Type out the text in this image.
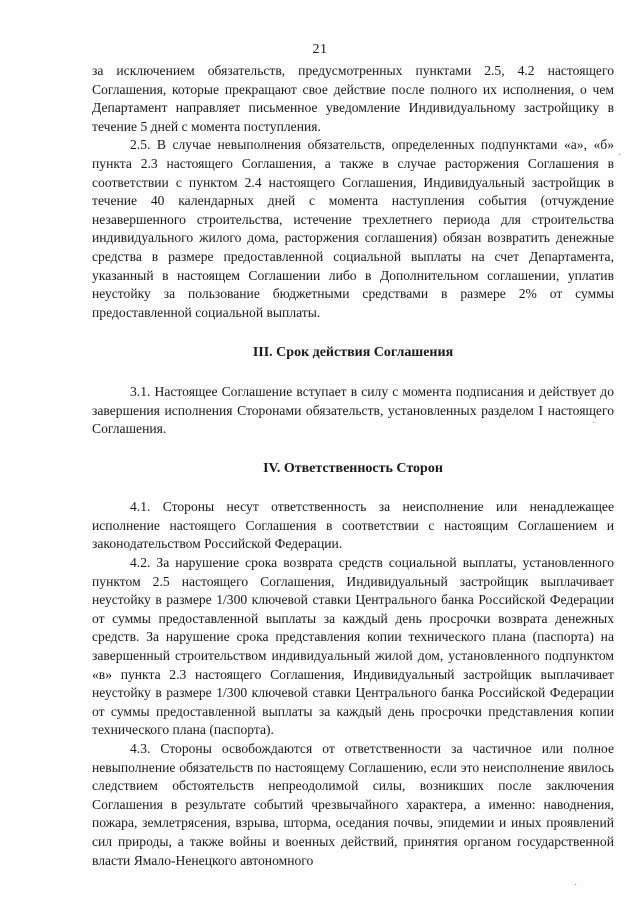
21

за исключением обязательств, предусмотренных пунктами 2.5, 4.2 настоящего Соглашения, которые прекращают свое действие после полного их исполнения, о чем Департамент направляет письменное уведомление Индивидуальному застройщику в течение 5 дней с момента поступления.

2.5. В случае невыполнения обязательств, определенных подпунктами «а», «б» пункта 2.3 настоящего Соглашения, а также в случае расторжения Соглашения в соответствии с пунктом 2.4 настоящего Соглашения, Индивидуальный застройщик в течение 40 календарных дней с момента наступления события (отчуждение незавершенного строительства, истечение трехлетнего периода для строительства индивидуального жилого дома, расторжения соглашения) обязан возвратить денежные средства в размере предоставленной социальной выплаты на счет Департамента, указанный в настоящем Соглашении либо в Дополнительном соглашении, уплатив неустойку за пользование бюджетными средствами в размере 2% от суммы предоставленной социальной выплаты.

III. Срок действия Соглашения

3.1. Настоящее Соглашение вступает в силу с момента подписания и действует до завершения исполнения Сторонами обязательств, установленных разделом I настоящего Соглашения.

IV. Ответственность Сторон

4.1. Стороны несут ответственность за неисполнение или ненадлежащее исполнение настоящего Соглашения в соответствии с настоящим Соглашением и законодательством Российской Федерации.

4.2. За нарушение срока возврата средств социальной выплаты, установленного пунктом 2.5 настоящего Соглашения, Индивидуальный застройщик выплачивает неустойку в размере 1/300 ключевой ставки Центрального банка Российской Федерации от суммы предоставленной выплаты за каждый день просрочки возврата денежных средств. За нарушение срока представления копии технического плана (паспорта) на завершенный строительством индивидуальный жилой дом, установленного подпунктом «в» пункта 2.3 настоящего Соглашения, Индивидуальный застройщик выплачивает неустойку в размере 1/300 ключевой ставки Центрального банка Российской Федерации от суммы предоставленной выплаты за каждый день просрочки представления копии технического плана (паспорта).

4.3. Стороны освобождаются от ответственности за частичное или полное невыполнение обязательств по настоящему Соглашению, если это неисполнение явилось следствием обстоятельств непреодолимой силы, возникших после заключения Соглашения в результате событий чрезвычайного характера, а именно: наводнения, пожара, землетрясения, взрыва, шторма, оседания почвы, эпидемии и иных проявлений сил природы, а также войны и военных действий, принятия органом государственной власти Ямало-Ненецкого автономного

·
·
·
